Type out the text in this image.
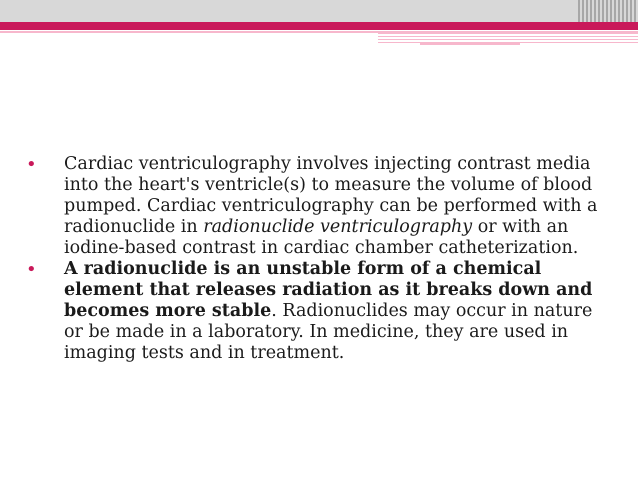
• Cardiac ventriculography involves injecting contrast media into the heart's ventricle(s) to measure the volume of blood pumped. Cardiac ventriculography can be performed with a
radionuclide in radionuclide ventriculography or with an iodine-based contrast in cardiac chamber catheterization.
• A radionuclide is an unstable form of a chemical element that releases radiation as it breaks down and becomes more stable. Radionuclides may occur in nature or be made in a laboratory. In medicine, they are used in imaging tests and in treatment.
